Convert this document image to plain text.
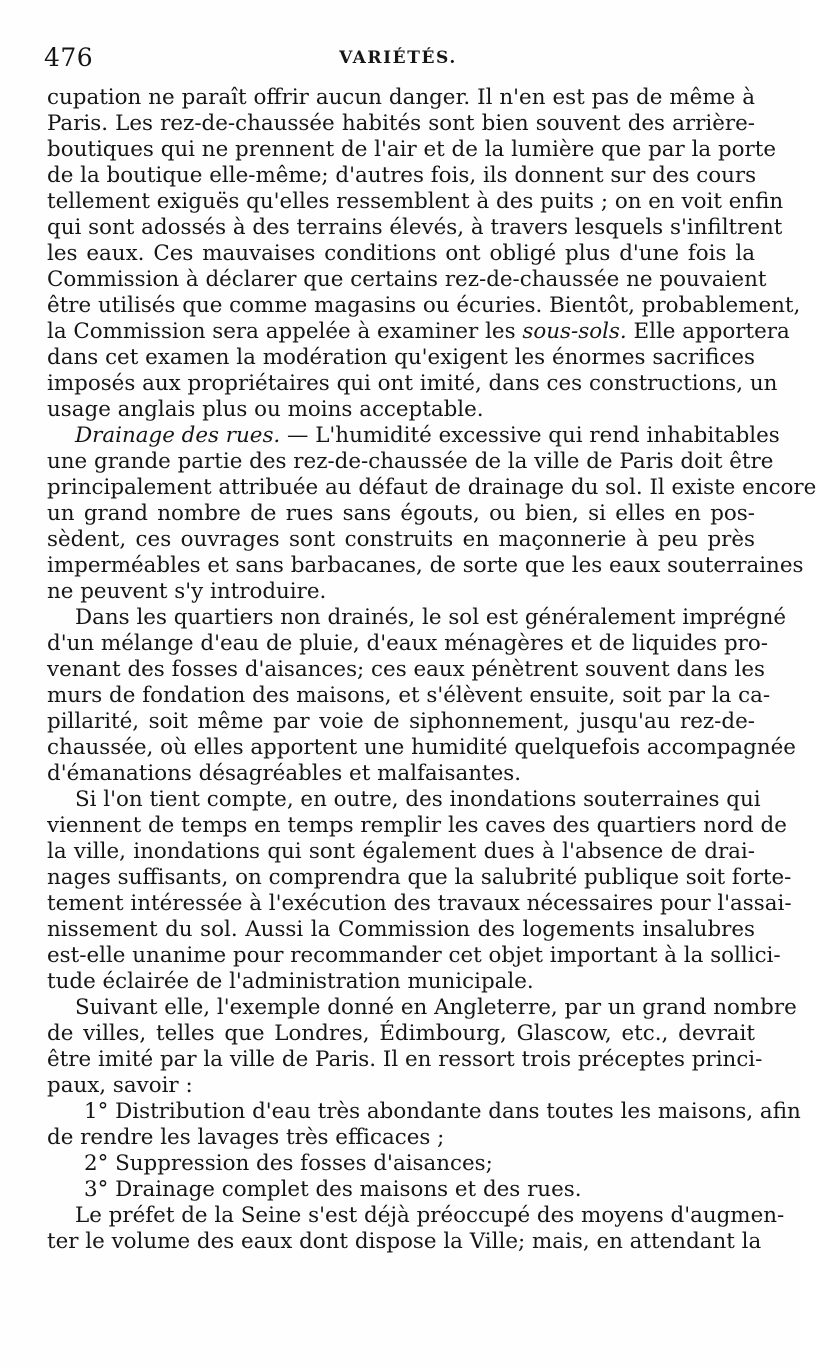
476	VARIÉTÉS.
cupation ne paraît offrir aucun danger. Il n'en est pas de même à
Paris. Les rez-de-chaussée habités sont bien souvent des arrière-
boutiques qui ne prennent de l'air et de la lumière que par la porte
de la boutique elle-même; d'autres fois, ils donnent sur des cours
tellement exiguës qu'elles ressemblent à des puits ; on en voit enfin
qui sont adossés à des terrains élevés, à travers lesquels s'infiltrent
les eaux. Ces mauvaises conditions ont obligé plus d'une fois la
Commission à déclarer que certains rez-de-chaussée ne pouvaient
être utilisés que comme magasins ou écuries. Bientôt, probablement,
la Commission sera appelée à examiner les sous-sols. Elle apportera
dans cet examen la modération qu'exigent les énormes sacrifices
imposés aux propriétaires qui ont imité, dans ces constructions, un
usage anglais plus ou moins acceptable.
Drainage des rues. — L'humidité excessive qui rend inhabitables
une grande partie des rez-de-chaussée de la ville de Paris doit être
principalement attribuée au défaut de drainage du sol. Il existe encore
un grand nombre de rues sans égouts, ou bien, si elles en pos-
sèdent, ces ouvrages sont construits en maçonnerie à peu près
imperméables et sans barbacanes, de sorte que les eaux souterraines
ne peuvent s'y introduire.
Dans les quartiers non drainés, le sol est généralement imprégné
d'un mélange d'eau de pluie, d'eaux ménagères et de liquides pro-
venant des fosses d'aisances; ces eaux pénètrent souvent dans les
murs de fondation des maisons, et s'élèvent ensuite, soit par la ca-
pillarité, soit même par voie de siphonnement, jusqu'au rez-de-
chaussée, où elles apportent une humidité quelquefois accompagnée
d'émanations désagréables et malfaisantes.
Si l'on tient compte, en outre, des inondations souterraines qui
viennent de temps en temps remplir les caves des quartiers nord de
la ville, inondations qui sont également dues à l'absence de drai-
nages suffisants, on comprendra que la salubrité publique soit forte-
tement intéressée à l'exécution des travaux nécessaires pour l'assai-
nissement du sol. Aussi la Commission des logements insalubres
est-elle unanime pour recommander cet objet important à la sollici-
tude éclairée de l'administration municipale.
Suivant elle, l'exemple donné en Angleterre, par un grand nombre
de villes, telles que Londres, Édimbourg, Glascow, etc., devrait
être imité par la ville de Paris. Il en ressort trois préceptes princi-
paux, savoir :
1° Distribution d'eau très abondante dans toutes les maisons, afin
de rendre les lavages très efficaces ;
2° Suppression des fosses d'aisances;
3° Drainage complet des maisons et des rues.
Le préfet de la Seine s'est déjà préoccupé des moyens d'augmen-
ter le volume des eaux dont dispose la Ville; mais, en attendant la
